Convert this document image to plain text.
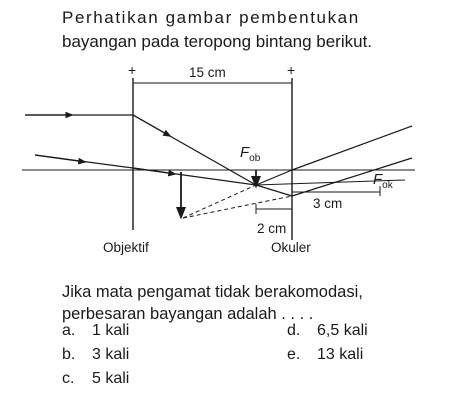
Perhatikan gambar pembentukan
bayangan pada teropong bintang berikut.
+	+
15 cm
$F_{ob}$
$F_{ok}$
3 cm
2 cm
Objektif	Okuler
Jika mata pengamat tidak berakomodasi,
perbesaran bayangan adalah . . . .
a. 1 kali
b. 3 kali
c. 5 kali
d. 6,5 kali
e. 13 kali
